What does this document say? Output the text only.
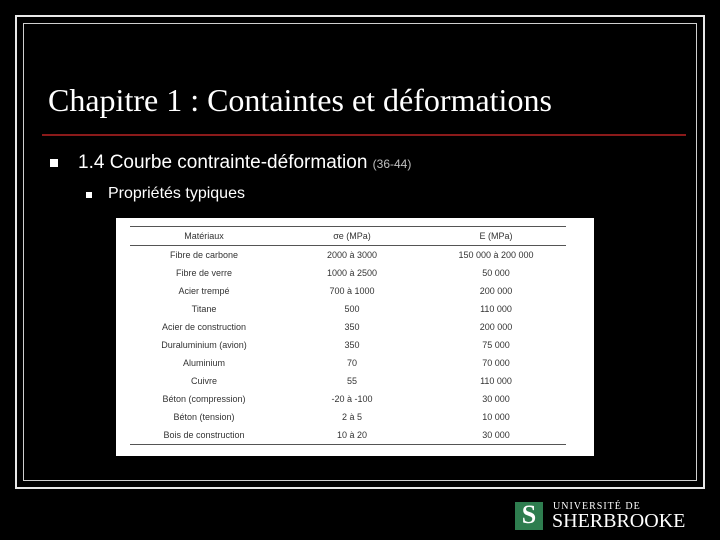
Chapitre 1 : Containtes et déformations
1.4 Courbe contrainte-déformation (36-44)
Propriétés typiques
Matériaux	σe (MPa)	E (MPa)
Fibre de carbone	2000 à 3000	150 000 à 200 000
Fibre de verre	1000 à 2500	50 000
Acier trempé	700 à 1000	200 000
Titane	500	110 000
Acier de construction	350	200 000
Duraluminium (avion)	350	75 000
Aluminium	70	70 000
Cuivre	55	110 000
Béton (compression)	-20 à -100	30 000
Béton (tension)	2 à 5	10 000
Bois de construction	10 à 20	30 000
S	UNIVERSITÉ DE
SHERBROOKE
